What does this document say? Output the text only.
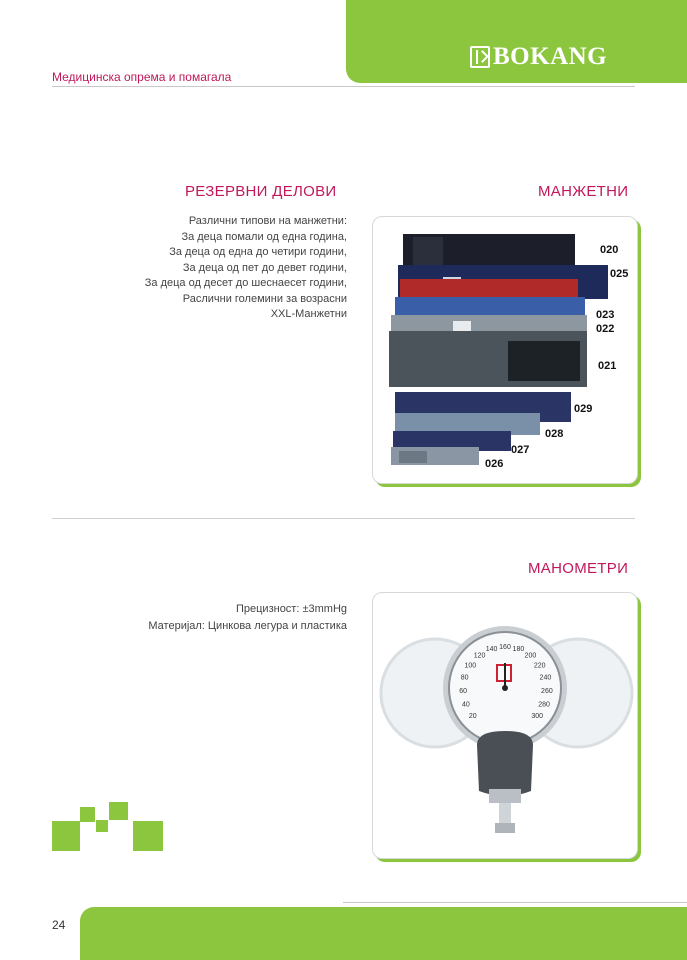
BOKANG
Медицинска опрема и помагала
РЕЗЕРВНИ ДЕЛОВИ	МАНЖЕТНИ
Различни типови на манжетни:
За деца помали од една година,
За деца од една до четири години,
За деца од пет до девет години,
За деца од десет до шеснаесет години,
Раслични големини за возрасни
XXL-Манжетни
020
025
023
022
021
029
028
027
026
МАНОМЕТРИ
Прецизност: ±3mmHg
Материјал: Цинкова легура и пластика
20
40
60
80
100
120
140 160 180
200
220
240
260
280
300
24
